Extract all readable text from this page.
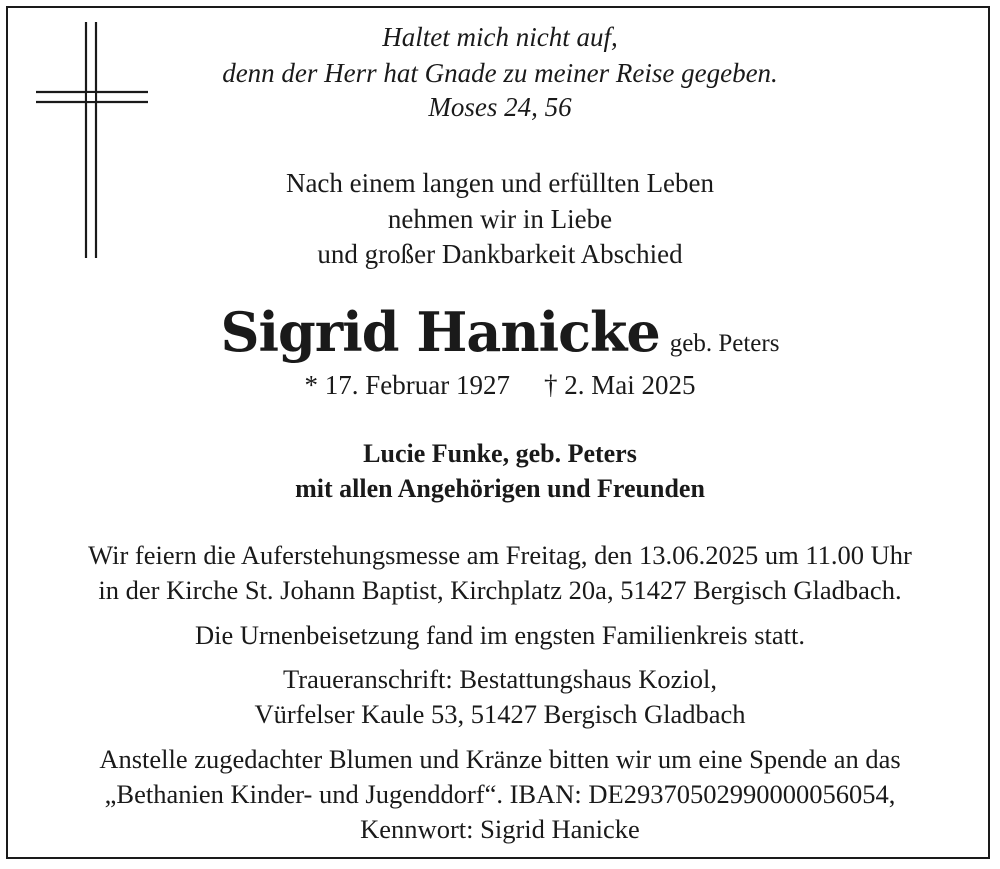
Haltet mich nicht auf,
denn der Herr hat Gnade zu meiner Reise gegeben.
Moses 24, 56
Nach einem langen und erfüllten Leben
nehmen wir in Liebe
und großer Dankbarkeit Abschied
Sigrid Hanicke geb. Peters
* 17. Februar 1927 † 2. Mai 2025
Lucie Funke, geb. Peters
mit allen Angehörigen und Freunden
Wir feiern die Auferstehungsmesse am Freitag, den 13.06.2025 um 11.00 Uhr
in der Kirche St. Johann Baptist, Kirchplatz 20a, 51427 Bergisch Gladbach.
Die Urnenbeisetzung fand im engsten Familienkreis statt.
Traueranschrift: Bestattungshaus Koziol,
Vürfelser Kaule 53, 51427 Bergisch Gladbach
Anstelle zugedachter Blumen und Kränze bitten wir um eine Spende an das
„Bethanien Kinder- und Jugenddorf“. IBAN: DE29370502990000056054,
Kennwort: Sigrid Hanicke
